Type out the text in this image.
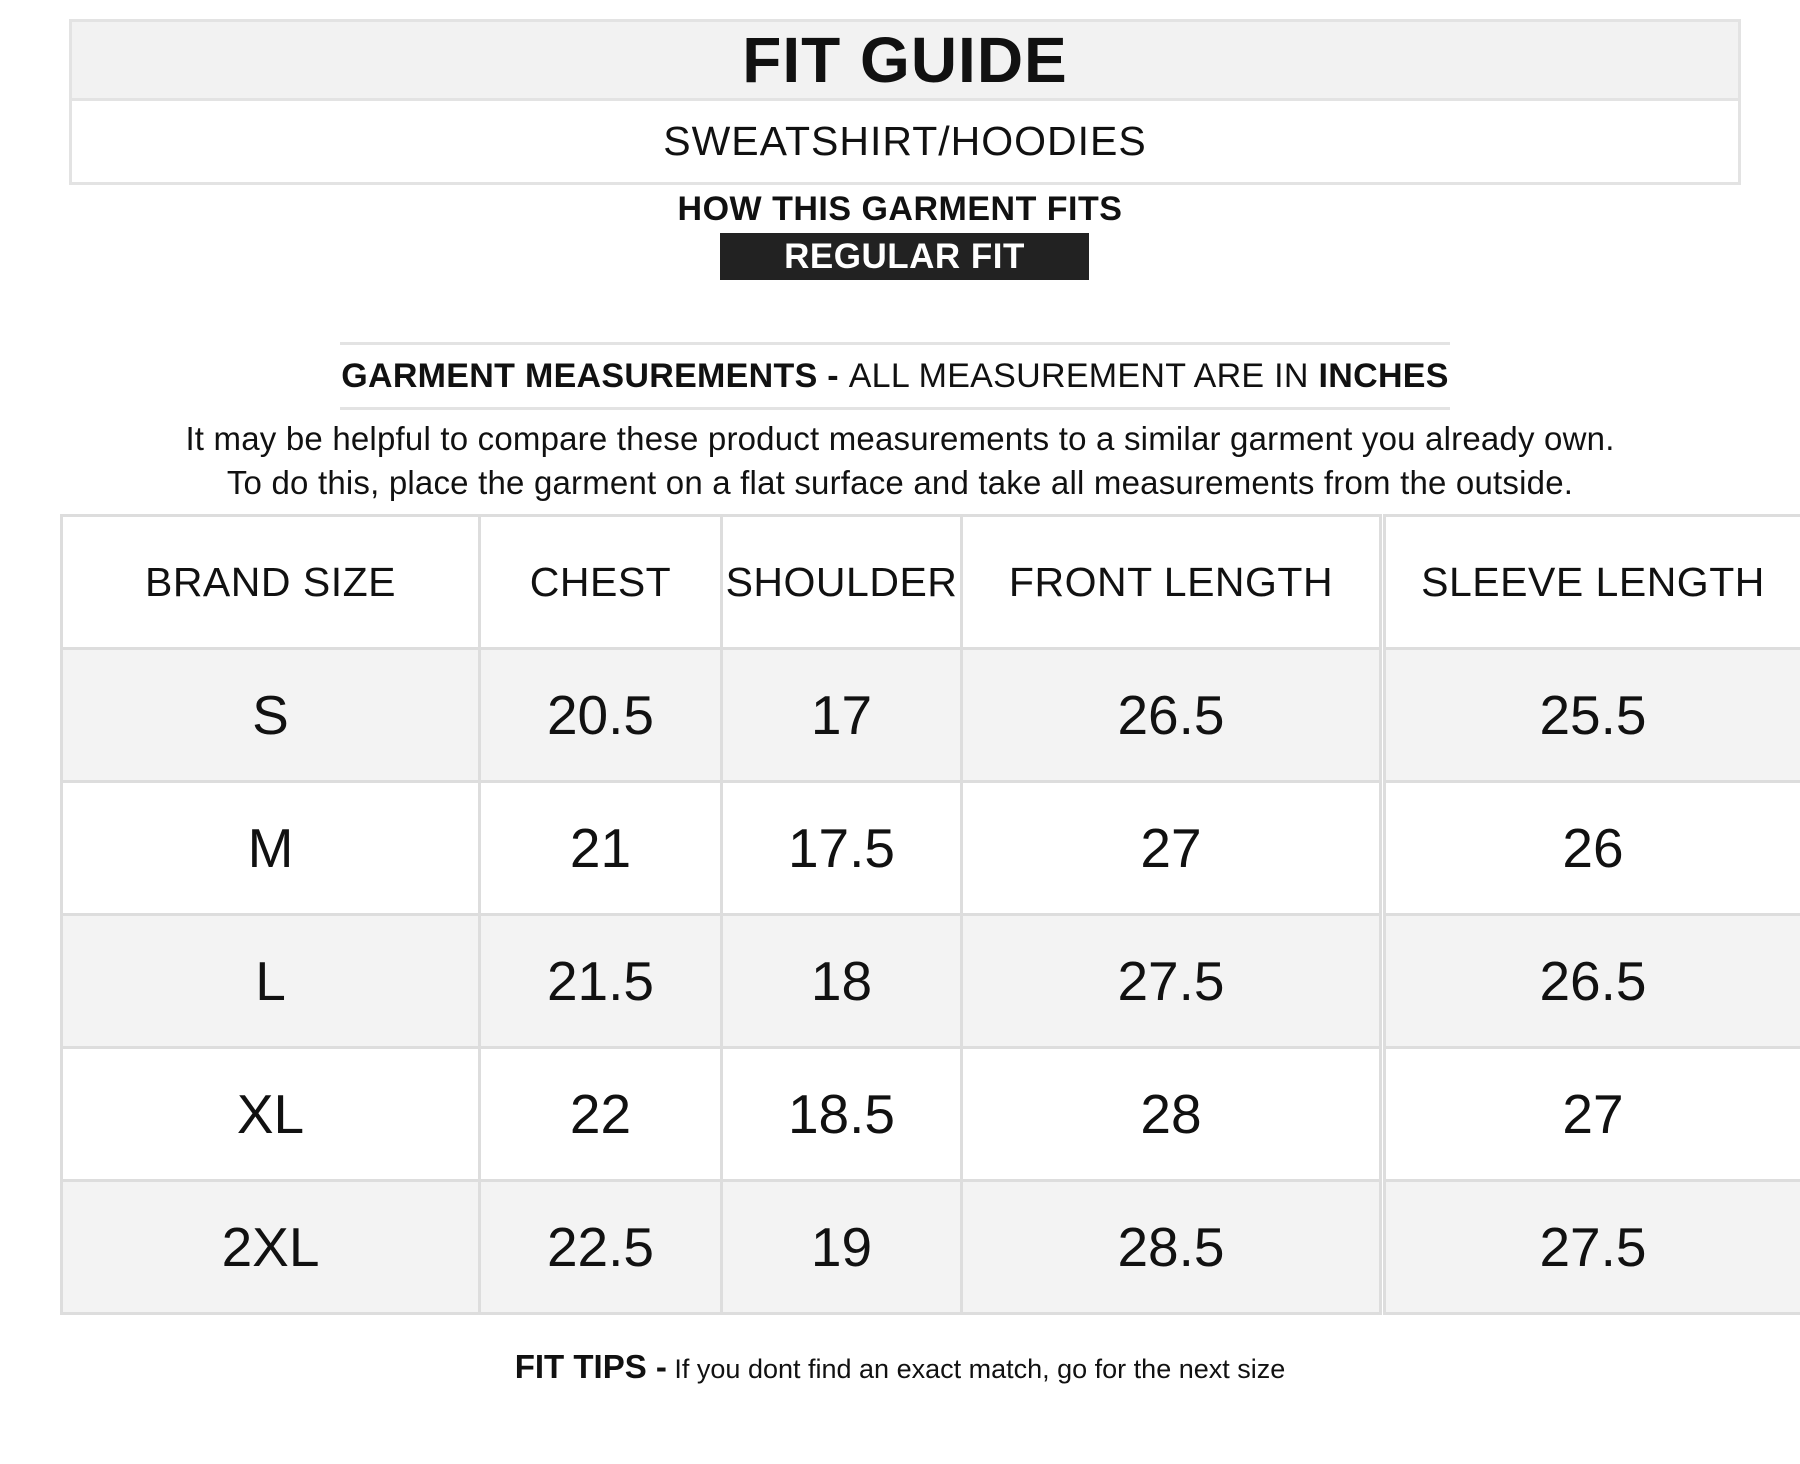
FIT GUIDE
SWEATSHIRT/HOODIES
HOW THIS GARMENT FITS
REGULAR FIT
GARMENT MEASUREMENTS -
ALL MEASUREMENT ARE IN
INCHES
It may be helpful to compare these product measurements to a similar garment you already own.
To do this, place the garment on a flat surface and take all measurements from the outside.
BRAND SIZE	CHEST	SHOULDER	FRONT LENGTH		SLEEVE LENGTH
S	20.5	17	26.5		25.5
M	21	17.5	27		26
L	21.5	18	27.5		26.5
XL	22	18.5	28		27
2XL	22.5	19	28.5		27.5
FIT TIPS - If you dont find an exact match, go for the next size
